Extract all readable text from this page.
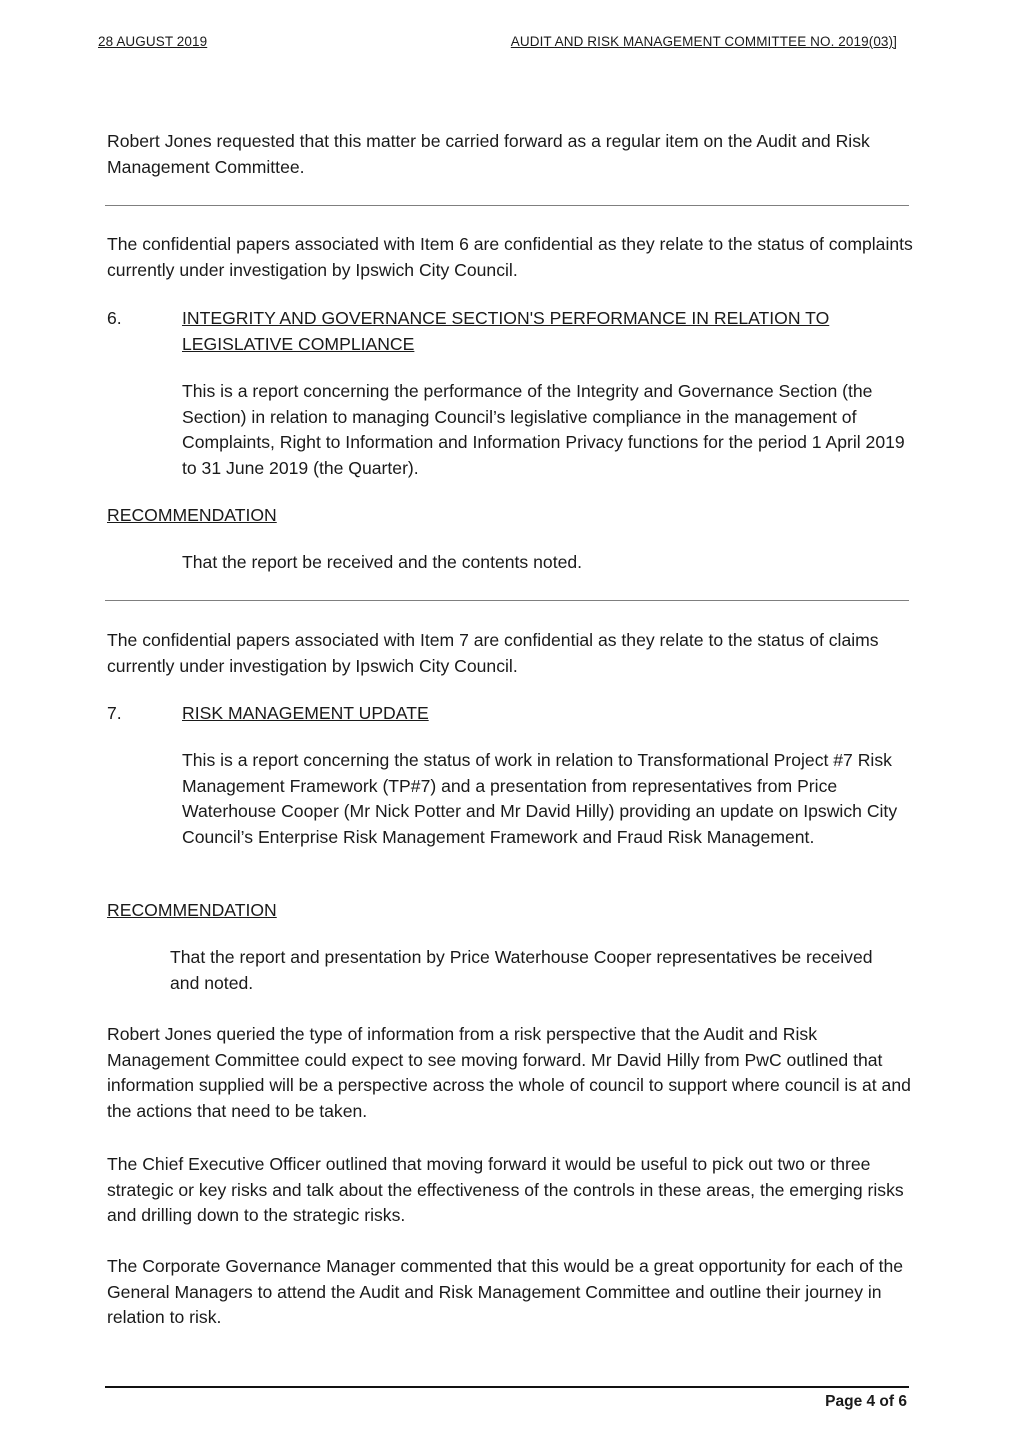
28 AUGUST 2019	AUDIT AND RISK MANAGEMENT COMMITTEE NO. 2019(03)]

Robert Jones requested that this matter be carried forward as a regular item on the Audit and Risk Management Committee.

The confidential papers associated with Item 6 are confidential as they relate to the status of complaints currently under investigation by Ipswich City Council.

6.	INTEGRITY AND GOVERNANCE SECTION'S PERFORMANCE IN RELATION TO LEGISLATIVE COMPLIANCE

This is a report concerning the performance of the Integrity and Governance Section (the Section) in relation to managing Council’s legislative compliance in the management of Complaints, Right to Information and Information Privacy functions for the period 1 April 2019 to 31 June 2019 (the Quarter).

RECOMMENDATION

That the report be received and the contents noted.

The confidential papers associated with Item 7 are confidential as they relate to the status of claims currently under investigation by Ipswich City Council.

7.	RISK MANAGEMENT UPDATE

This is a report concerning the status of work in relation to Transformational Project #7 Risk Management Framework (TP#7) and a presentation from representatives from Price Waterhouse Cooper (Mr Nick Potter and Mr David Hilly) providing an update on Ipswich City Council’s Enterprise Risk Management Framework and Fraud Risk Management.

RECOMMENDATION

That the report and presentation by Price Waterhouse Cooper representatives be received and noted.

Robert Jones queried the type of information from a risk perspective that the Audit and Risk Management Committee could expect to see moving forward. Mr David Hilly from PwC outlined that information supplied will be a perspective across the whole of council to support where council is at and the actions that need to be taken.

The Chief Executive Officer outlined that moving forward it would be useful to pick out two or three strategic or key risks and talk about the effectiveness of the controls in these areas, the emerging risks and drilling down to the strategic risks.

The Corporate Governance Manager commented that this would be a great opportunity for each of the General Managers to attend the Audit and Risk Management Committee and outline their journey in relation to risk.

Page 4 of 6
